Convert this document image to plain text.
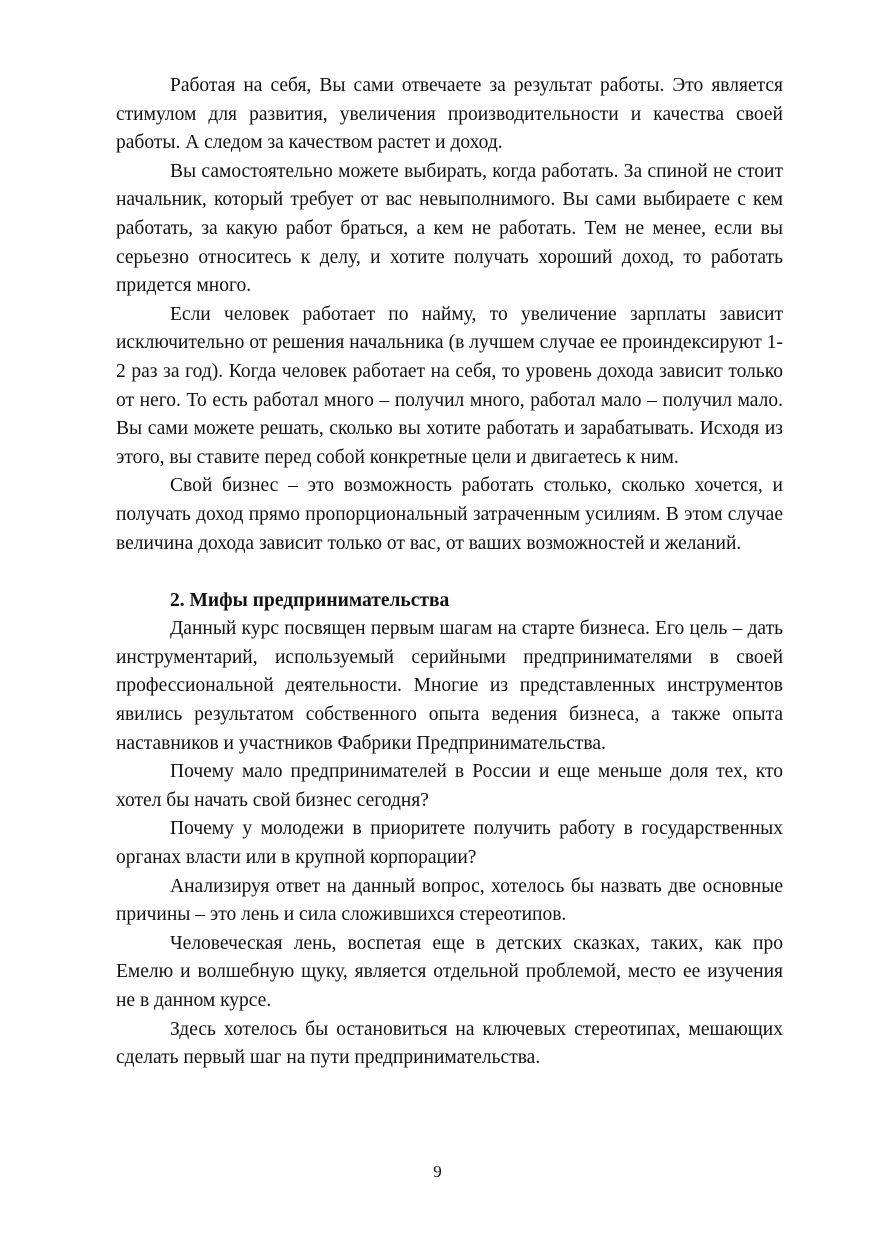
Работая на себя, Вы сами отвечаете за результат работы. Это является стимулом для развития, увеличения производительности и качества своей работы. А следом за качеством растет и доход.

Вы самостоятельно можете выбирать, когда работать. За спиной не стоит начальник, который требует от вас невыполнимого. Вы сами выбираете с кем работать, за какую работ браться, а кем не работать. Тем не менее, если вы серьезно относитесь к делу, и хотите получать хороший доход, то работать придется много.

Если человек работает по найму, то увеличение зарплаты зависит исключительно от решения начальника (в лучшем случае ее проиндексируют 1-2 раз за год). Когда человек работает на себя, то уровень дохода зависит только от него. То есть работал много – получил много, работал мало – получил мало. Вы сами можете решать, сколько вы хотите работать и зарабатывать. Исходя из этого, вы ставите перед собой конкретные цели и двигаетесь к ним.

Свой бизнес – это возможность работать столько, сколько хочется, и получать доход прямо пропорциональный затраченным усилиям. В этом случае величина дохода зависит только от вас, от ваших возможностей и желаний.

2. Мифы предпринимательства

Данный курс посвящен первым шагам на старте бизнеса. Его цель – дать инструментарий, используемый серийными предпринимателями в своей профессиональной деятельности. Многие из представленных инструментов явились результатом собственного опыта ведения бизнеса, а также опыта наставников и участников Фабрики Предпринимательства.

Почему мало предпринимателей в России и еще меньше доля тех, кто хотел бы начать свой бизнес сегодня?

Почему у молодежи в приоритете получить работу в государственных органах власти или в крупной корпорации?

Анализируя ответ на данный вопрос, хотелось бы назвать две основные причины – это лень и сила сложившихся стереотипов.

Человеческая лень, воспетая еще в детских сказках, таких, как про Емелю и волшебную щуку, является отдельной проблемой, место ее изучения не в данном курсе.

Здесь хотелось бы остановиться на ключевых стереотипах, мешающих сделать первый шаг на пути предпринимательства.

9
